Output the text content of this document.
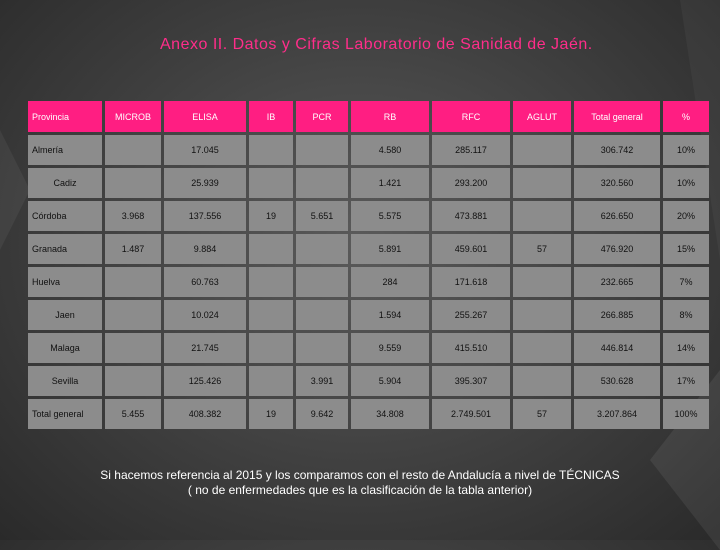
Anexo II. Datos y Cifras Laboratorio de Sanidad de Jaén.
Provincia	MICROB	ELISA	IB	PCR	RB	RFC	AGLUT	Total general	%
Almería		17.045			4.580	285.117		306.742	10%
Cadiz		25.939			1.421	293.200		320.560	10%
Córdoba	3.968	137.556	19	5.651	5.575	473.881		626.650	20%
Granada	1.487	9.884			5.891	459.601	57	476.920	15%
Huelva		60.763			284	171.618		232.665	7%
Jaen		10.024			1.594	255.267		266.885	8%
Malaga		21.745			9.559	415.510		446.814	14%
Sevilla		125.426		3.991	5.904	395.307		530.628	17%
Total general	5.455	408.382	19	9.642	34.808	2.749.501	57	3.207.864	100%
Si hacemos referencia al 2015 y los comparamos con el resto de Andalucía a nivel de TÉCNICAS
( no de enfermedades que es la clasificación de la tabla anterior)
